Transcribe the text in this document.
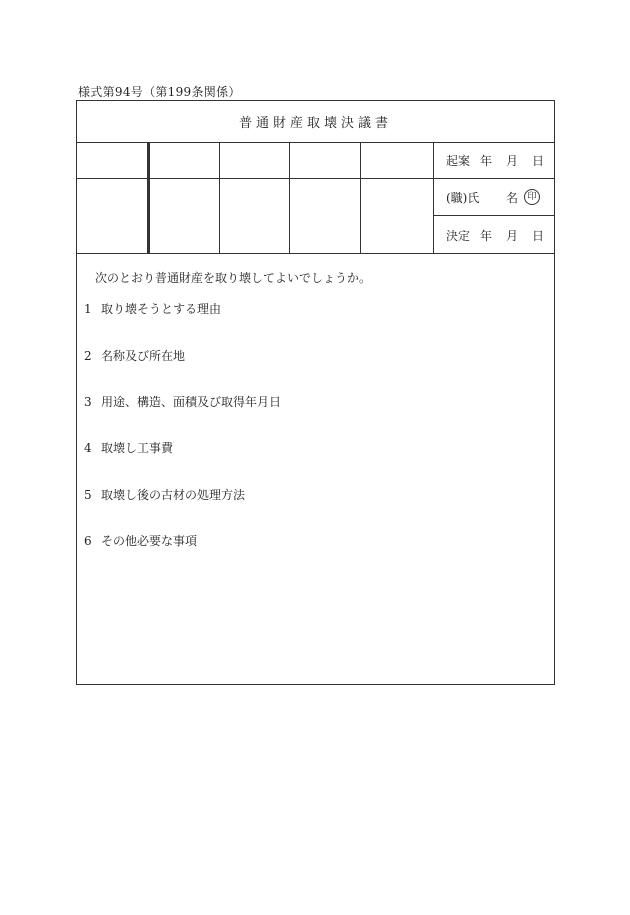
様式第94号（第199条関係）
普通財産取壊決議書
起案 年	月	日
(職)氏	名	印
決定 年	月	日
次のとおり普通財産を取り壊してよいでしょうか。
1 取り壊そうとする理由
2 名称及び所在地
3 用途、構造、面積及び取得年月日
4 取壊し工事費
5 取壊し後の古材の処理方法
6 その他必要な事項
